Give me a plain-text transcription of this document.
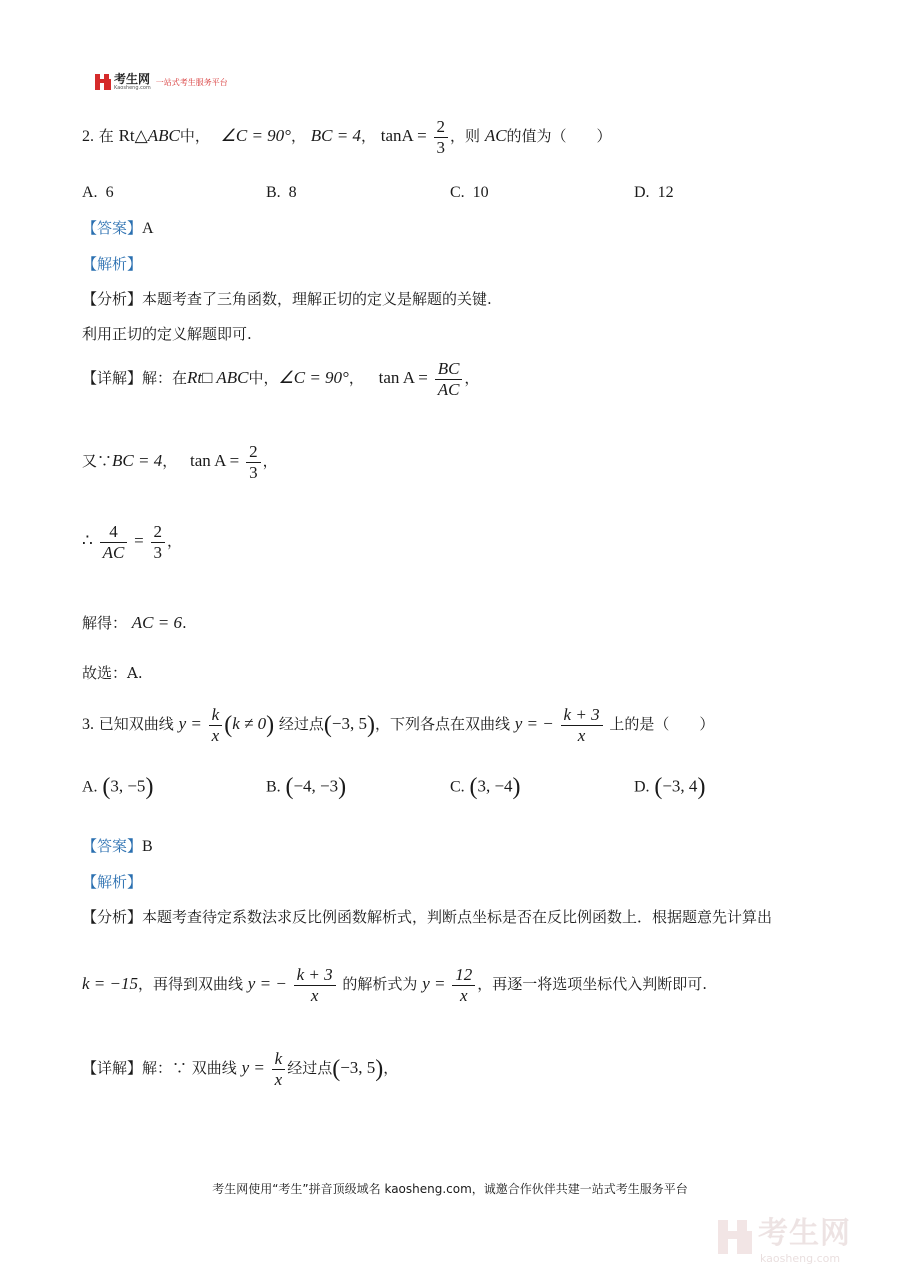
考生网
Kaosheng.com
一站式考生服务平台
2. 在 Rt△ABC中， ∠C = 90°， BC = 4， $\tan A = \frac{2}{3}$ ，则 AC的值为（　　）
A. 6	B. 8	C. 10	D. 12
【答案】A
【解析】
【分析】本题考查了三角函数，理解正切的定义是解题的关键.
利用正切的定义解题即可.
【详解】解：在Rt□ ABC中，∠C = 90°， $\tan A = \frac{BC}{AC}$ ，
又∵BC = 4， $\tan A = \frac{2}{3}$ ，
∴ $\frac{4}{AC} = \frac{2}{3}$ ，
解得： AC = 6.
故选：A.
3. 已知双曲线 $y = \frac{k}{x} (k \ne 0)$ 经过点(−3, 5)，下列各点在双曲线 y = − $\frac{k + 3}{x}$ 上的是（　　）
A. (3, −5)	B. (−4, −3)	C. (3, −4)	D. (−3, 4)
【答案】B
【解析】
【分析】本题考查待定系数法求反比例函数解析式，判断点坐标是否在反比例函数上．根据题意先计算出
k = −15，再得到双曲线 y = − $\frac{k + 3}{x}$ 的解析式为 $y = \frac{12}{x}$ ，再逐一将选项坐标代入判断即可.
【详解】解：∵ 双曲线 $y = \frac{k}{x}$ 经过点(−3, 5)，
考生网使用“考生”拼音顶级域名 kaosheng.com，诚邀合作伙伴共建一站式考生服务平台
考生网
kaosheng.com
